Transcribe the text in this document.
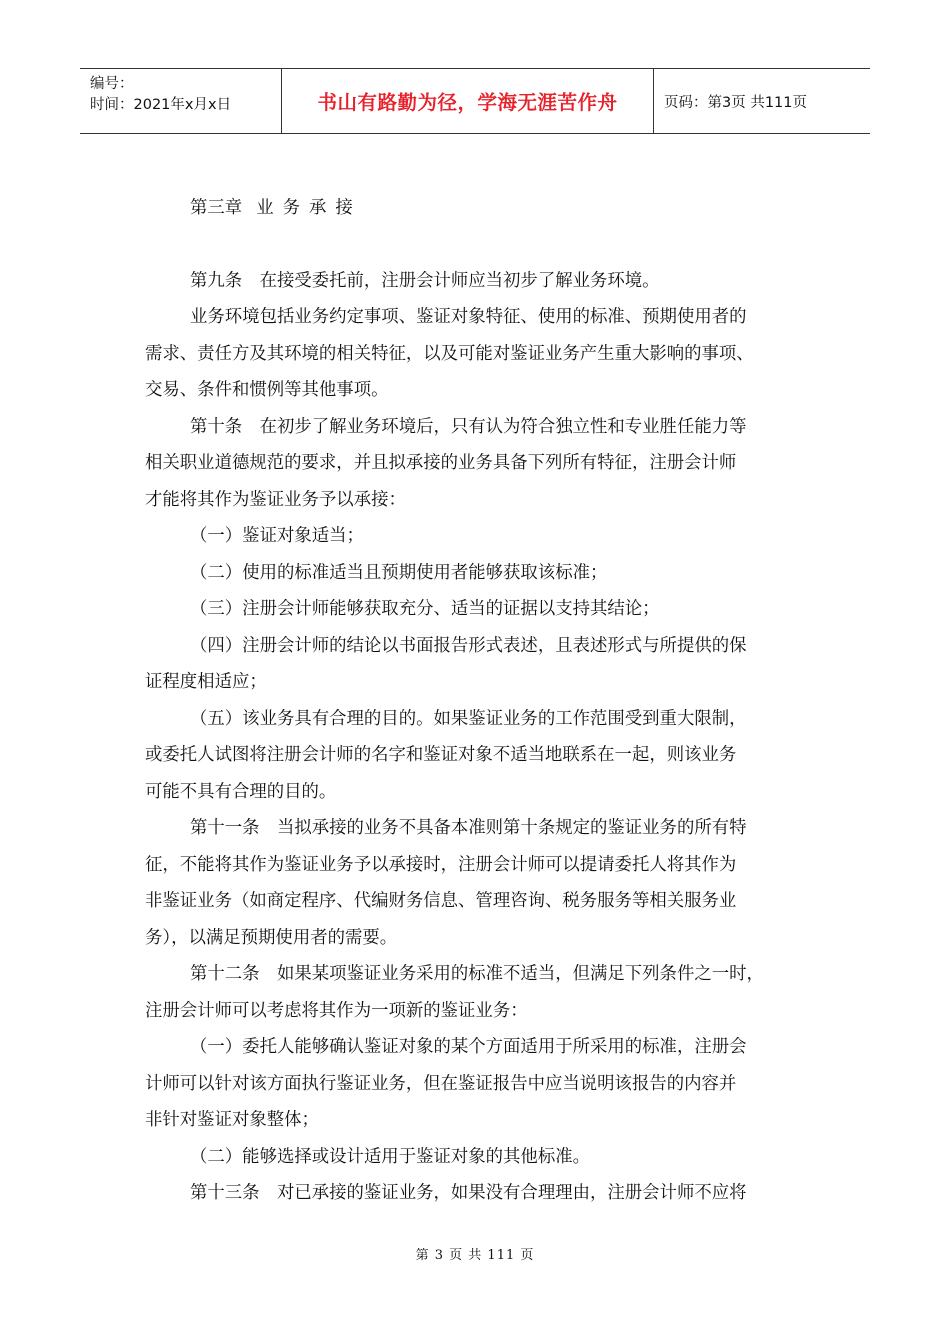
编号：
时间：2021年x月x日	书山有路勤为径，学海无涯苦作舟	页码：第3页 共111页
第三章 业务承接
第九条　在接受委托前，注册会计师应当初步了解业务环境。
业务环境包括业务约定事项、鉴证对象特征、使用的标准、预期使用者的
需求、责任方及其环境的相关特征，以及可能对鉴证业务产生重大影响的事项、
交易、条件和惯例等其他事项。
第十条　在初步了解业务环境后，只有认为符合独立性和专业胜任能力等
相关职业道德规范的要求，并且拟承接的业务具备下列所有特征，注册会计师
才能将其作为鉴证业务予以承接：
（一）鉴证对象适当；
（二）使用的标准适当且预期使用者能够获取该标准；
（三）注册会计师能够获取充分、适当的证据以支持其结论；
（四）注册会计师的结论以书面报告形式表述，且表述形式与所提供的保
证程度相适应；
（五）该业务具有合理的目的。如果鉴证业务的工作范围受到重大限制，
或委托人试图将注册会计师的名字和鉴证对象不适当地联系在一起，则该业务
可能不具有合理的目的。
第十一条　当拟承接的业务不具备本准则第十条规定的鉴证业务的所有特
征，不能将其作为鉴证业务予以承接时，注册会计师可以提请委托人将其作为
非鉴证业务（如商定程序、代编财务信息、管理咨询、税务服务等相关服务业
务），以满足预期使用者的需要。
第十二条　如果某项鉴证业务采用的标准不适当，但满足下列条件之一时，
注册会计师可以考虑将其作为一项新的鉴证业务：
（一）委托人能够确认鉴证对象的某个方面适用于所采用的标准，注册会
计师可以针对该方面执行鉴证业务，但在鉴证报告中应当说明该报告的内容并
非针对鉴证对象整体；
（二）能够选择或设计适用于鉴证对象的其他标准。
第十三条　对已承接的鉴证业务，如果没有合理理由，注册会计师不应将
第 3 页 共 111 页
